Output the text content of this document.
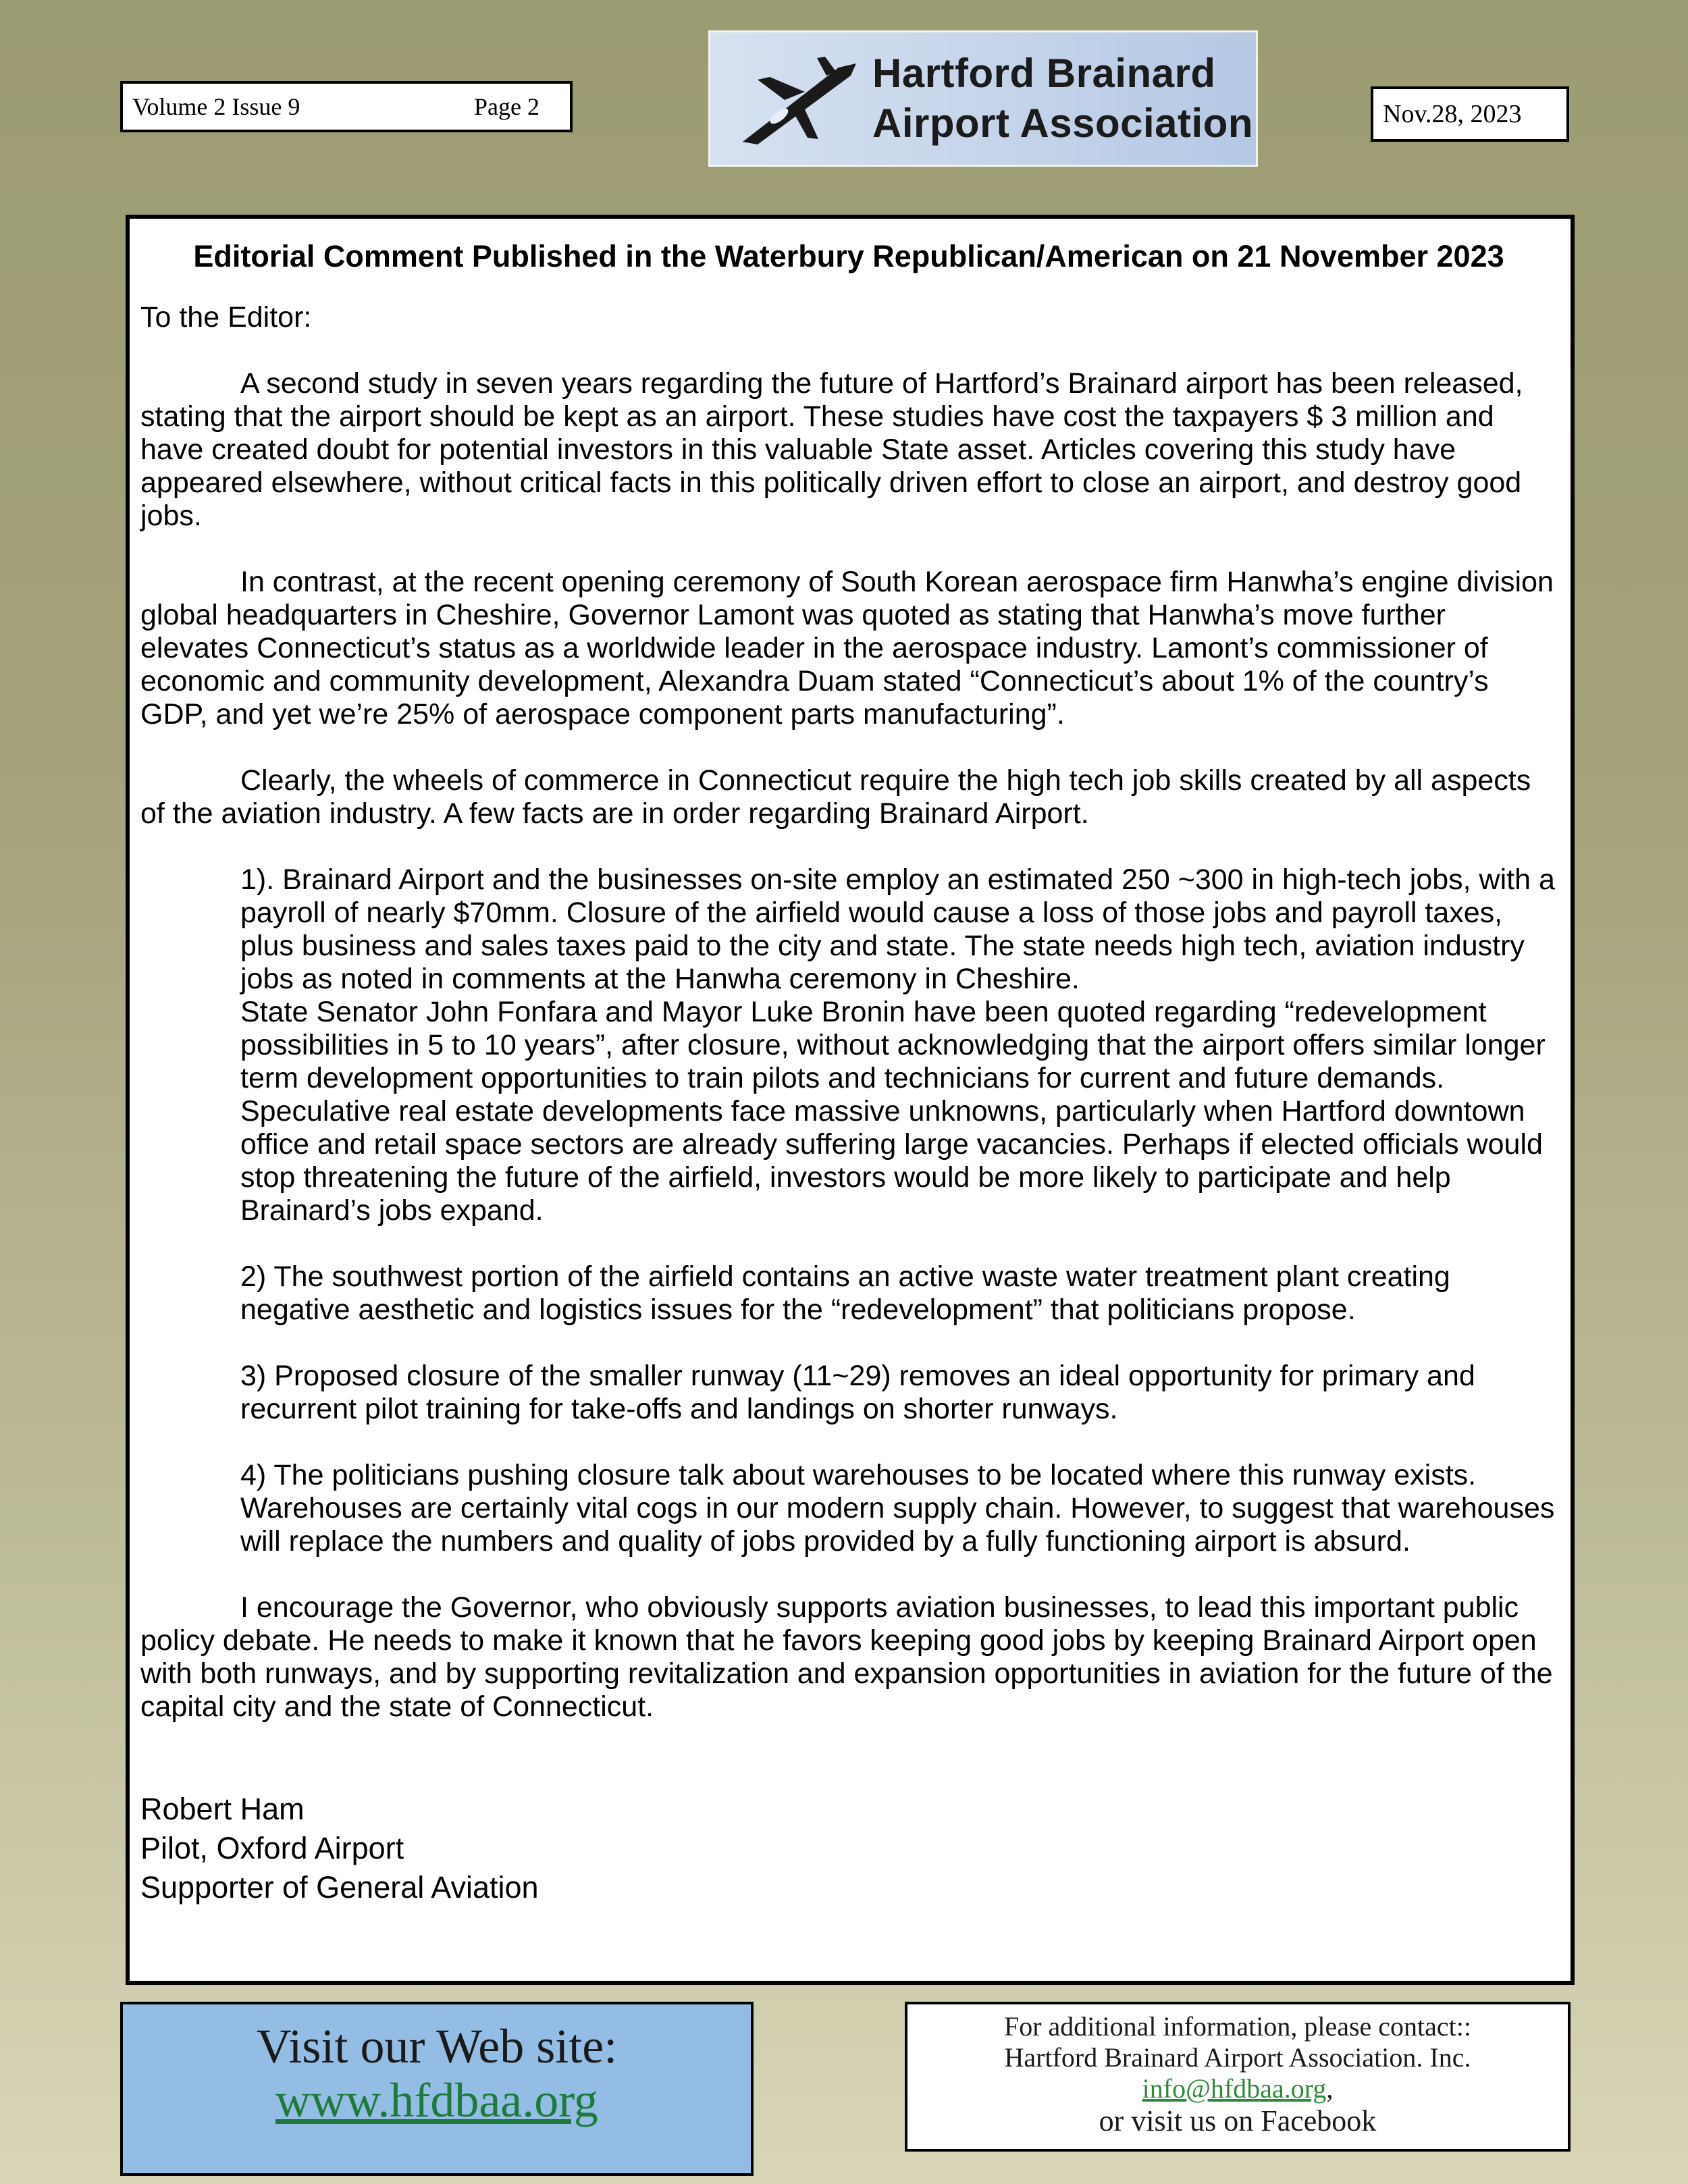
Volume 2 Issue 9	Page 2
Hartford Brainard
Airport Association	Nov.28, 2023
Editorial Comment Published in the Waterbury Republican/American on 21 November 2023

To the Editor:

A second study in seven years regarding the future of Hartford’s Brainard airport has been released, stating that the airport should be kept as an airport. These studies have cost the taxpayers $ 3 million and have created doubt for potential investors in this valuable State asset. Articles covering this study have appeared elsewhere, without critical facts in this politically driven effort to close an airport, and destroy good jobs.

In contrast, at the recent opening ceremony of South Korean aerospace firm Hanwha’s engine division global headquarters in Cheshire, Governor Lamont was quoted as stating that Hanwha’s move further elevates Connecticut’s status as a worldwide leader in the aerospace industry. Lamont’s commissioner of economic and community development, Alexandra Duam stated “Connecticut’s about 1% of the country’s GDP, and yet we’re 25% of aerospace component parts manufacturing”.

Clearly, the wheels of commerce in Connecticut require the high tech job skills created by all aspects of the aviation industry. A few facts are in order regarding Brainard Airport.

1). Brainard Airport and the businesses on-site employ an estimated 250 ~300 in high-tech jobs, with a payroll of nearly $70mm. Closure of the airfield would cause a loss of those jobs and payroll taxes, plus business and sales taxes paid to the city and state. The state needs high tech, aviation industry jobs as noted in comments at the Hanwha ceremony in Cheshire.
State Senator John Fonfara and Mayor Luke Bronin have been quoted regarding “redevelopment possibilities in 5 to 10 years”, after closure, without acknowledging that the airport offers similar longer term development opportunities to train pilots and technicians for current and future demands. Speculative real estate developments face massive unknowns, particularly when Hartford downtown office and retail space sectors are already suffering large vacancies. Perhaps if elected officials would stop threatening the future of the airfield, investors would be more likely to participate and help Brainard’s jobs expand.

2) The southwest portion of the airfield contains an active waste water treatment plant creating negative aesthetic and logistics issues for the “redevelopment” that politicians propose.

3) Proposed closure of the smaller runway (11~29) removes an ideal opportunity for primary and recurrent pilot training for take-offs and landings on shorter runways.

4) The politicians pushing closure talk about warehouses to be located where this runway exists. Warehouses are certainly vital cogs in our modern supply chain. However, to suggest that warehouses will replace the numbers and quality of jobs provided by a fully functioning airport is absurd.

I encourage the Governor, who obviously supports aviation businesses, to lead this important public policy debate. He needs to make it known that he favors keeping good jobs by keeping Brainard Airport open with both runways, and by supporting revitalization and expansion opportunities in aviation for the future of the capital city and the state of Connecticut.

Robert Ham
Pilot, Oxford Airport
Supporter of General Aviation
Visit our Web site:
www.hfdbaa.org
For additional information, please contact::
Hartford Brainard Airport Association. Inc.
info@hfdbaa.org,
or visit us on Facebook
